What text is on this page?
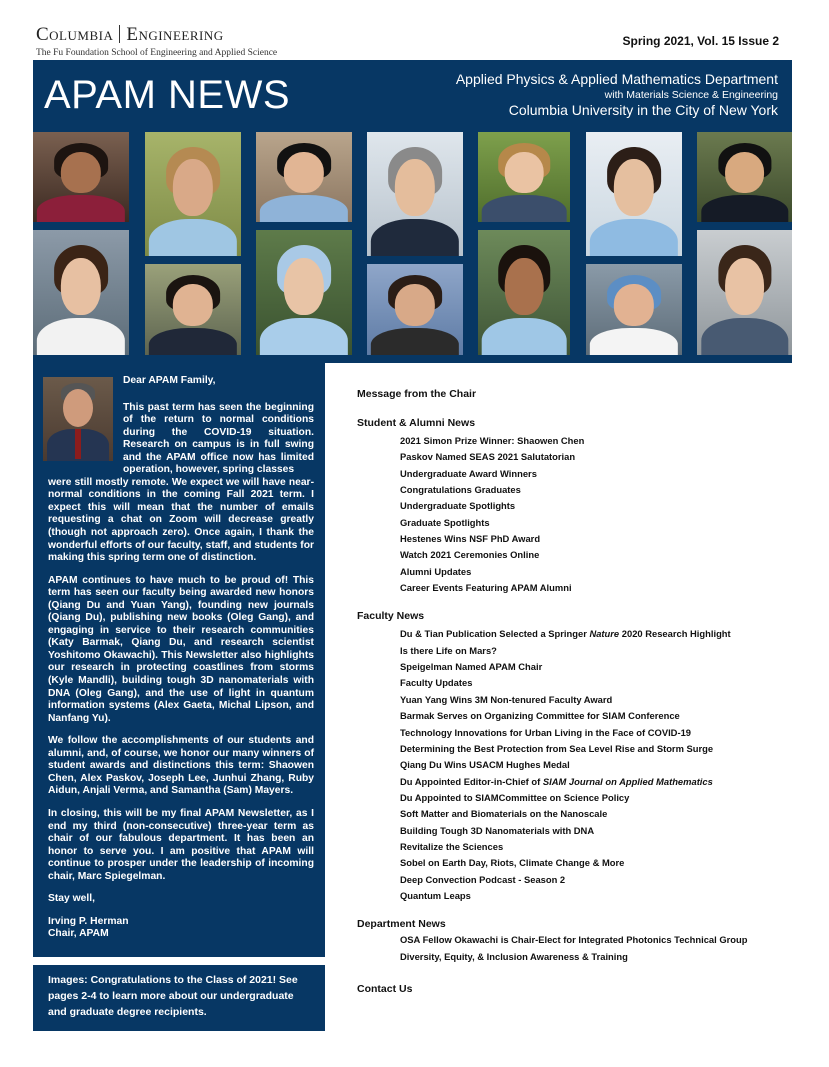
Columbia Engineering
The Fu Foundation School of Engineering and Applied Science
Spring 2021, Vol. 15 Issue 2
APAM NEWS	Applied Physics & Applied Mathematics Department
with Materials Science & Engineering
Columbia University in the City of New York

Dear APAM Family,

This past term has seen the beginning of the return to normal conditions during the COVID-19 situation. Research on campus is in full swing and the APAM office now has limited operation, however, spring classes

were still mostly remote. We expect we will have near-normal conditions in the coming Fall 2021 term. I expect this will mean that the number of emails requesting a chat on Zoom will decrease greatly (though not approach zero). Once again, I thank the wonderful efforts of our faculty, staff, and students for making this spring term one of distinction.

APAM continues to have much to be proud of! This term has seen our faculty being awarded new honors (Qiang Du and Yuan Yang), founding new journals (Qiang Du), publishing new books (Oleg Gang), and engaging in service to their research communities (Katy Barmak, Qiang Du, and research scientist Yoshitomo Okawachi). This Newsletter also highlights our research in protecting coastlines from storms (Kyle Mandli), building tough 3D nanomaterials with DNA (Oleg Gang), and the use of light in quantum information systems (Alex Gaeta, Michal Lipson, and Nanfang Yu).

We follow the accomplishments of our students and alumni, and, of course, we honor our many winners of student awards and distinctions this term: Shaowen Chen, Alex Paskov, Joseph Lee, Junhui Zhang, Ruby Aidun, Anjali Verma, and Samantha (Sam) Mayers.

In closing, this will be my final APAM Newsletter, as I end my third (non-consecutive) three-year term as chair of our fabulous department. It has been an honor to serve you. I am positive that APAM will continue to prosper under the leadership of incoming chair, Marc Spiegelman.

Stay well,

Irving P. Herman
Chair, APAM

Images: Congratulations to the Class of 2021! See pages 2-4 to learn more about our undergraduate and graduate degree recipients.

Message from the Chair

Student & Alumni News

2021 Simon Prize Winner: Shaowen Chen

Paskov Named SEAS 2021 Salutatorian

Undergraduate Award Winners

Congratulations Graduates

Undergraduate Spotlights

Graduate Spotlights

Hestenes Wins NSF PhD Award

Watch 2021 Ceremonies Online

Alumni Updates

Career Events Featuring APAM Alumni

Faculty News

Du & Tian Publication Selected a Springer Nature 2020 Research Highlight

Is there Life on Mars?

Speigelman Named APAM Chair

Faculty Updates

Yuan Yang Wins 3M Non-tenured Faculty Award

Barmak Serves on Organizing Committee for SIAM Conference

Technology Innovations for Urban Living in the Face of COVID-19

Determining the Best Protection from Sea Level Rise and Storm Surge

Qiang Du Wins USACM Hughes Medal

Du Appointed Editor-in-Chief of SIAM Journal on Applied Mathematics

Du Appointed to SIAMCommittee on Science Policy

Soft Matter and Biomaterials on the Nanoscale

Building Tough 3D Nanomaterials with DNA

Revitalize the Sciences

Sobel on Earth Day, Riots, Climate Change & More

Deep Convection Podcast - Season 2

Quantum Leaps

Department News

OSA Fellow Okawachi is Chair-Elect for Integrated Photonics Technical Group

Diversity, Equity, & Inclusion Awareness & Training

Contact Us
